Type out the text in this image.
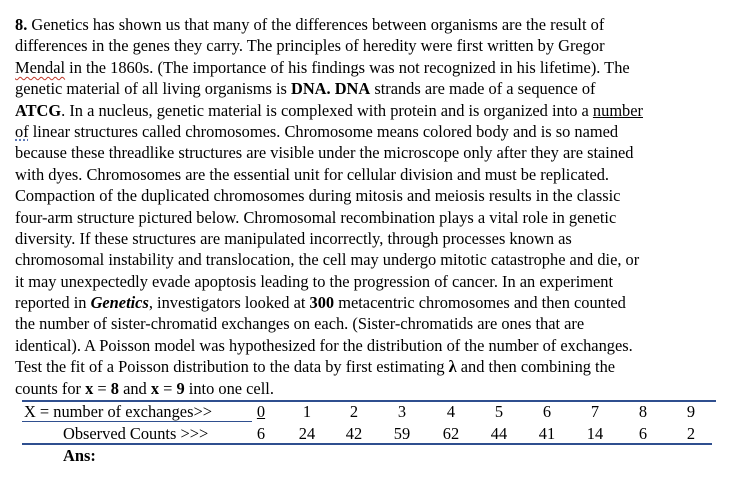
8. Genetics has shown us that many of the differences between organisms are the result of
differences in the genes they carry. The principles of heredity were first written by Gregor
Mendal in the 1860s. (The importance of his findings was not recognized in his lifetime). The
genetic material of all living organisms is DNA. DNA strands are made of a sequence of
ATCG. In a nucleus, genetic material is complexed with protein and is organized into a number
of linear structures called chromosomes. Chromosome means colored body and is so named
because these threadlike structures are visible under the microscope only after they are stained
with dyes. Chromosomes are the essential unit for cellular division and must be replicated.
Compaction of the duplicated chromosomes during mitosis and meiosis results in the classic
four-arm structure pictured below. Chromosomal recombination plays a vital role in genetic
diversity. If these structures are manipulated incorrectly, through processes known as
chromosomal instability and translocation, the cell may undergo mitotic catastrophe and die, or
it may unexpectedly evade apoptosis leading to the progression of cancer. In an experiment
reported in Genetics, investigators looked at 300 metacentric chromosomes and then counted
the number of sister-chromatid exchanges on each. (Sister-chromatids are ones that are
identical). A Poisson model was hypothesized for the distribution of the number of exchanges.
Test the fit of a Poisson distribution to the data by first estimating λ and then combining the
counts for x = 8 and x = 9 into one cell.
X = number of exchanges>>	0	1	2	3	4	5	6	7	8	9
Observed Counts >>>	6	24	42	59	62	44	41	14	6	2
Ans:
